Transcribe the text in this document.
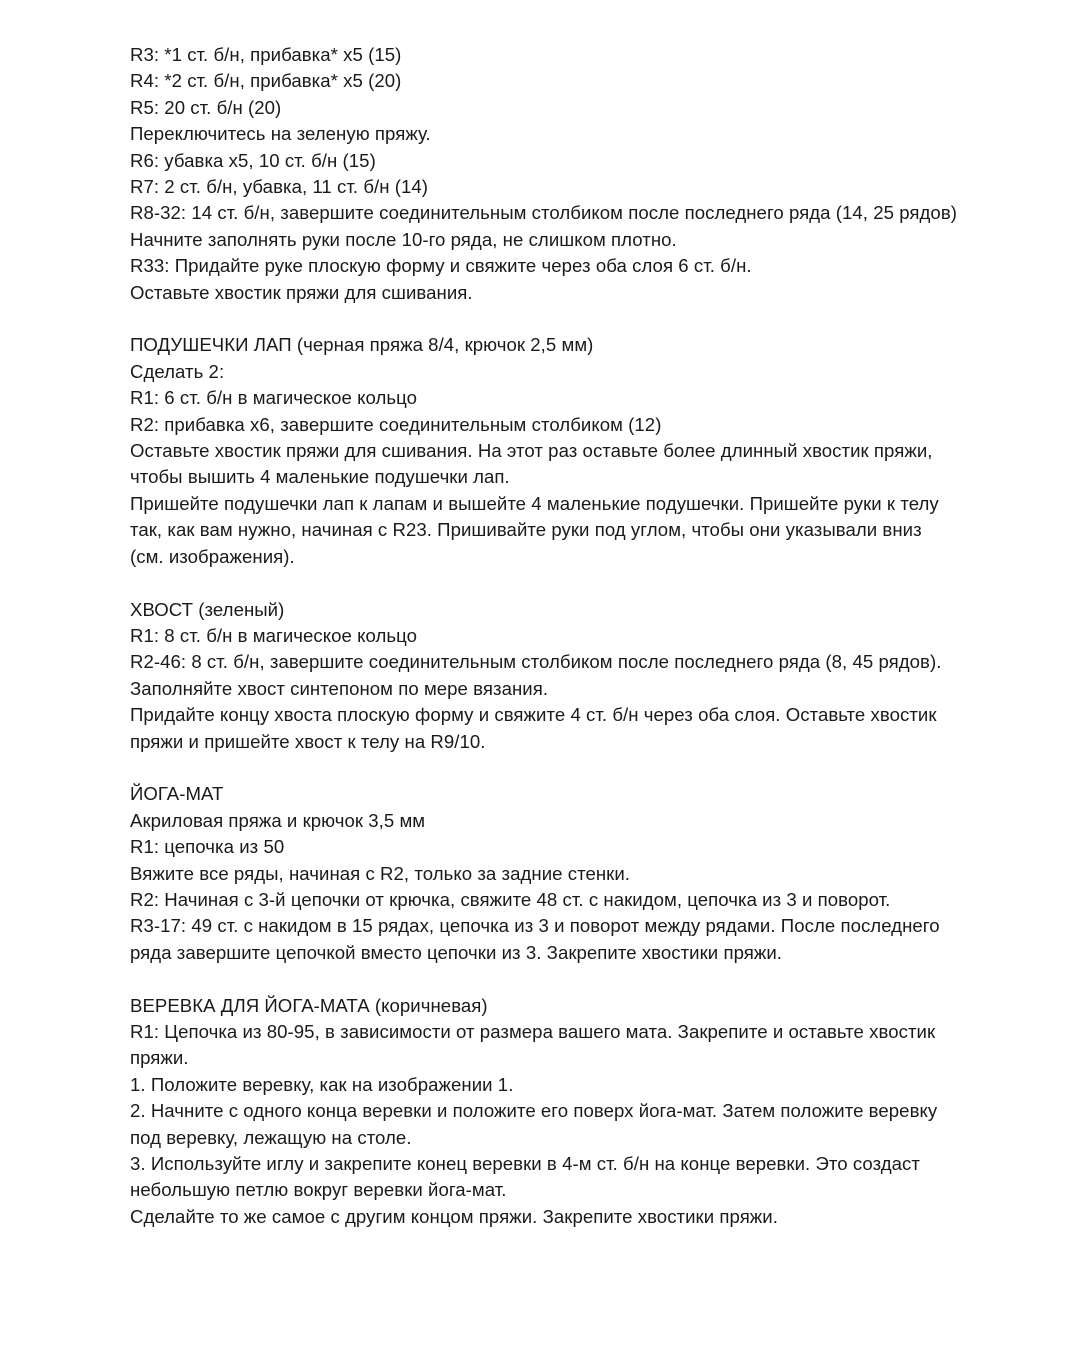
R3: *1 ст. б/н, прибавка* x5 (15)

R4: *2 ст. б/н, прибавка* x5 (20)

R5: 20 ст. б/н (20)

Переключитесь на зеленую пряжу.

R6: убавка x5, 10 ст. б/н (15)

R7: 2 ст. б/н, убавка, 11 ст. б/н (14)

R8-32: 14 ст. б/н, завершите соединительным столбиком после последнего ряда (14, 25 рядов)

Начните заполнять руки после 10-го ряда, не слишком плотно.

R33: Придайте руке плоскую форму и свяжите через оба слоя 6 ст. б/н.

Оставьте хвостик пряжи для сшивания.

ПОДУШЕЧКИ ЛАП (черная пряжа 8/4, крючок 2,5 мм)

Сделать 2:

R1: 6 ст. б/н в магическое кольцо

R2: прибавка x6, завершите соединительным столбиком (12)

Оставьте хвостик пряжи для сшивания. На этот раз оставьте более длинный хвостик пряжи, чтобы вышить 4 маленькие подушечки лап.

Пришейте подушечки лап к лапам и вышейте 4 маленькие подушечки. Пришейте руки к телу так, как вам нужно, начиная с R23. Пришивайте руки под углом, чтобы они указывали вниз (см. изображения).

ХВОСТ (зеленый)

R1: 8 ст. б/н в магическое кольцо

R2-46: 8 ст. б/н, завершите соединительным столбиком после последнего ряда (8, 45 рядов).

Заполняйте хвост синтепоном по мере вязания.

Придайте концу хвоста плоскую форму и свяжите 4 ст. б/н через оба слоя. Оставьте хвостик пряжи и пришейте хвост к телу на R9/10.

ЙОГА-МАТ

Акриловая пряжа и крючок 3,5 мм

R1: цепочка из 50

Вяжите все ряды, начиная с R2, только за задние стенки.

R2: Начиная с 3-й цепочки от крючка, свяжите 48 ст. с накидом, цепочка из 3 и поворот.

R3-17: 49 ст. с накидом в 15 рядах, цепочка из 3 и поворот между рядами. После последнего ряда завершите цепочкой вместо цепочки из 3. Закрепите хвостики пряжи.

ВЕРЕВКА ДЛЯ ЙОГА-МАТА (коричневая)

R1: Цепочка из 80-95, в зависимости от размера вашего мата. Закрепите и оставьте хвостик пряжи.

1. Положите веревку, как на изображении 1.

2. Начните с одного конца веревки и положите его поверх йога-мат. Затем положите веревку под веревку, лежащую на столе.

3. Используйте иглу и закрепите конец веревки в 4-м ст. б/н на конце веревки. Это создаст небольшую петлю вокруг веревки йога-мат.

Сделайте то же самое с другим концом пряжи. Закрепите хвостики пряжи.
